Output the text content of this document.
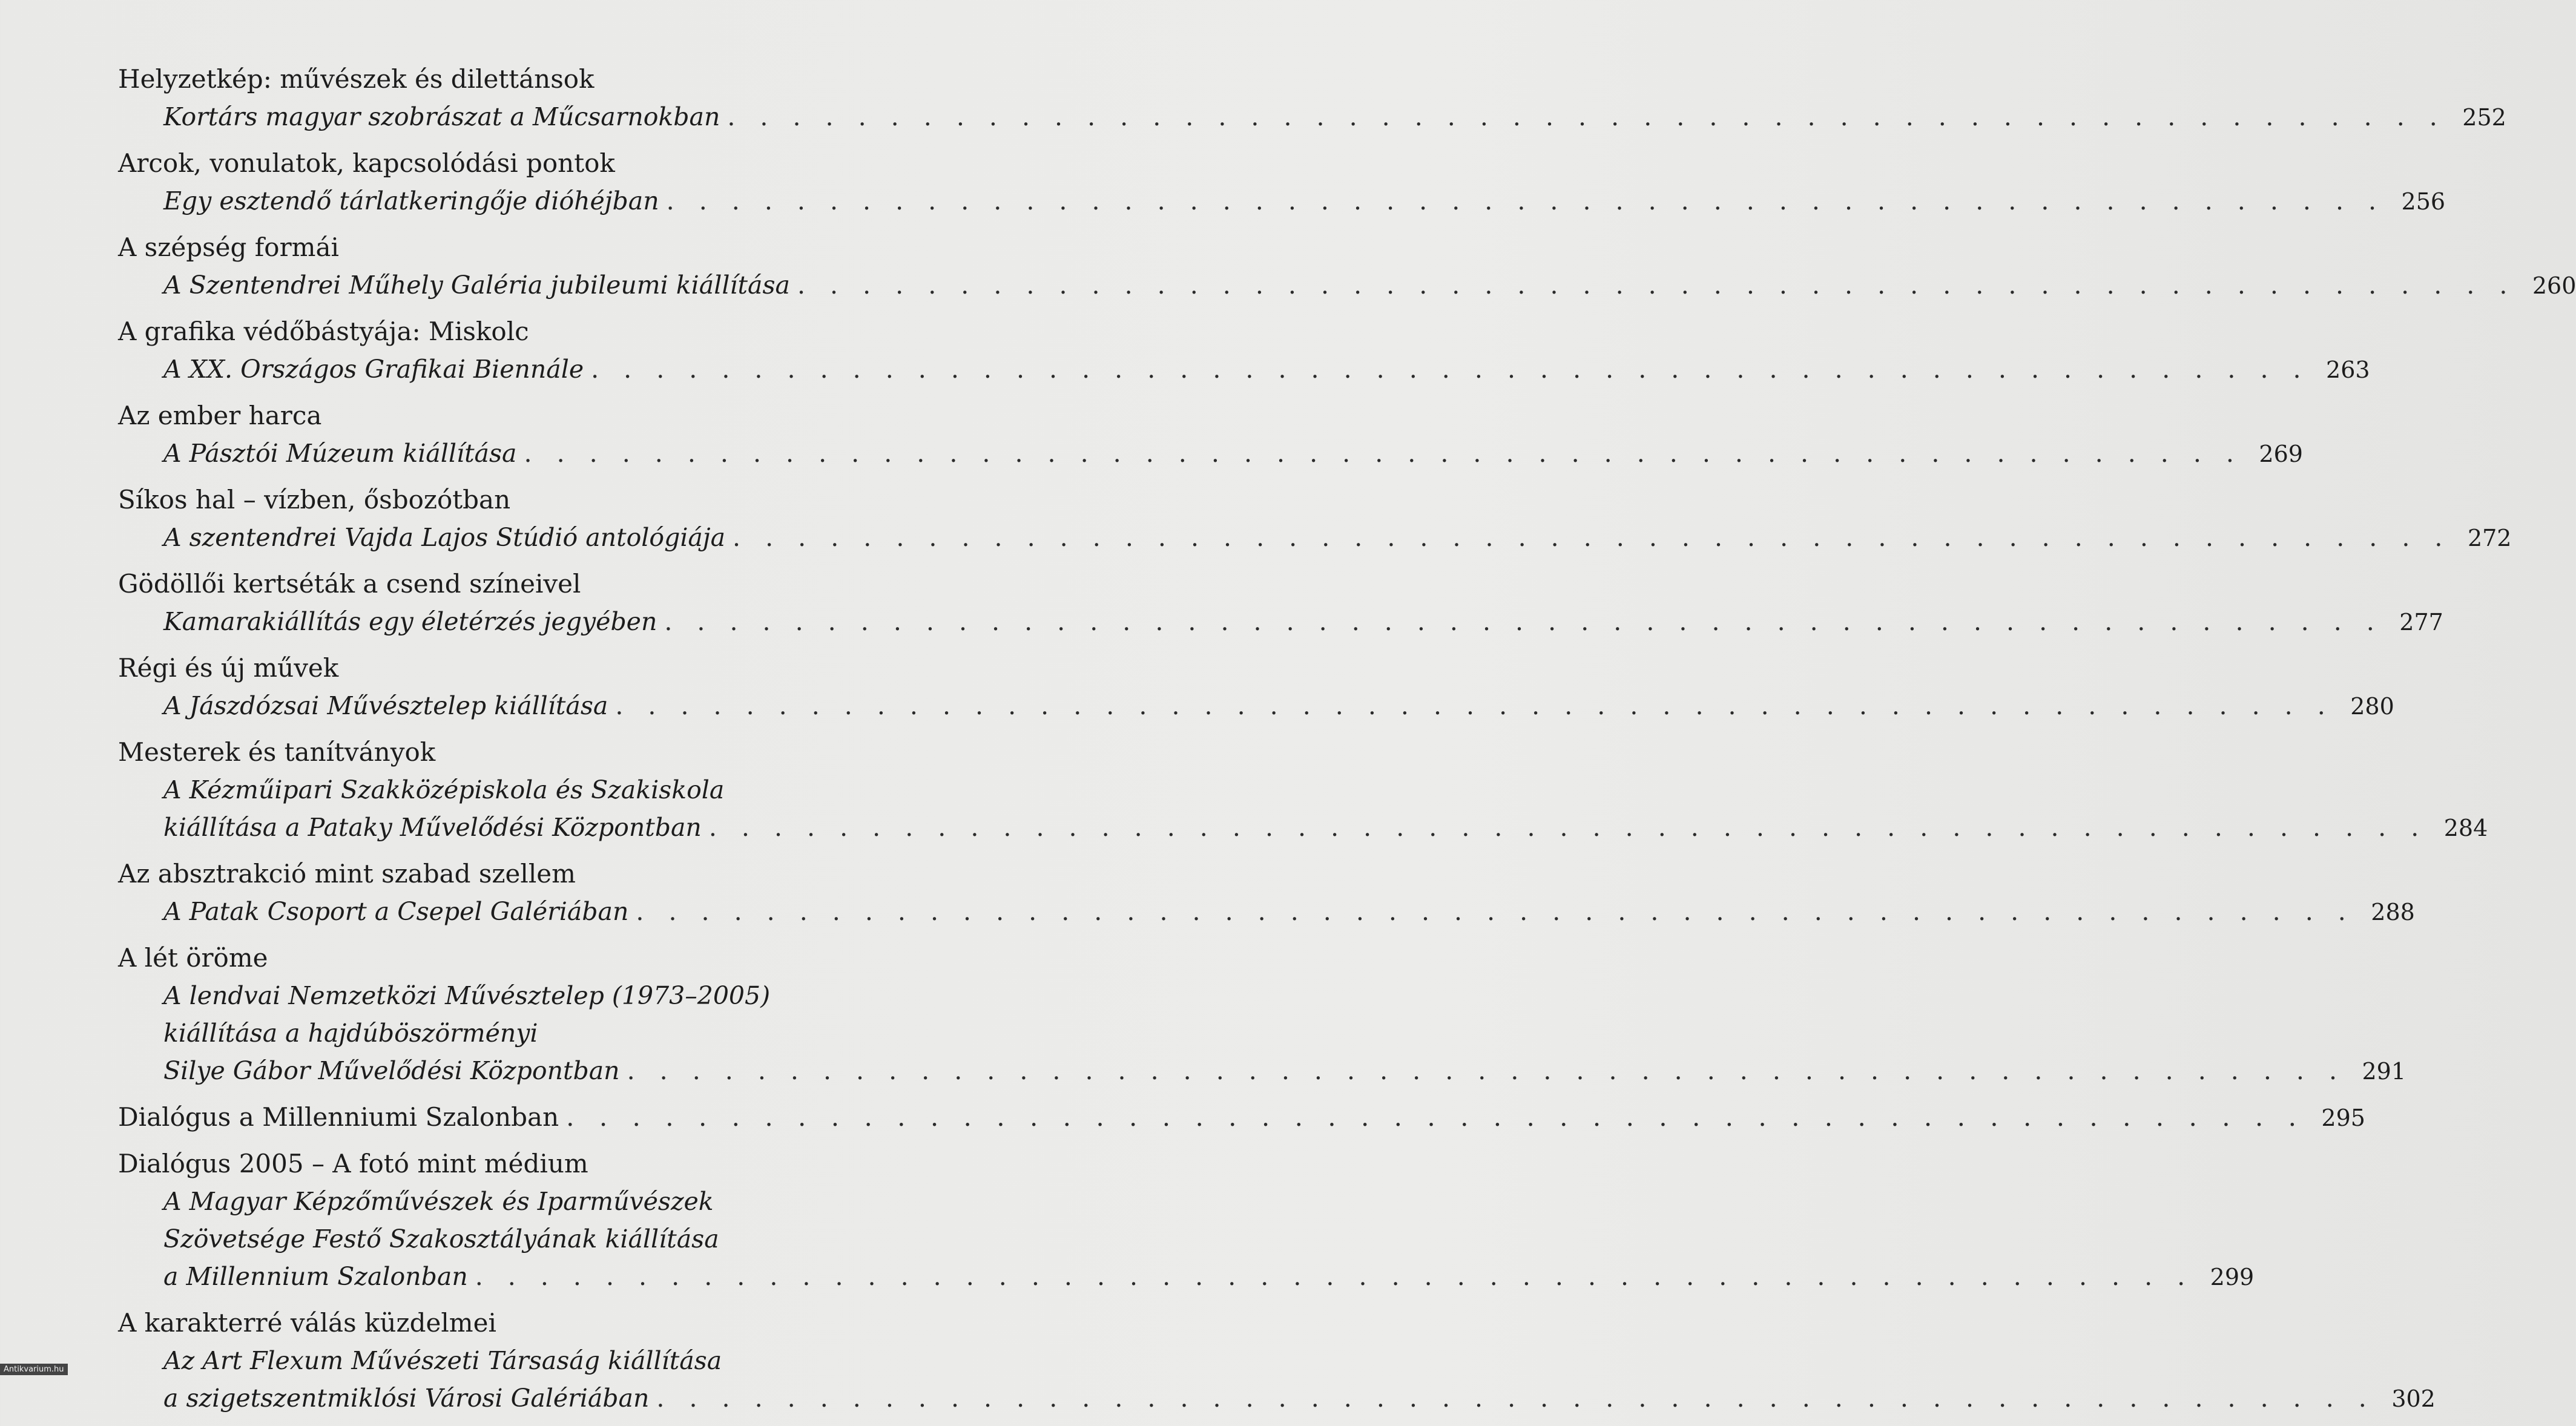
Helyzetkép: művészek és dilettánsok
Kortárs magyar szobrászat a Műcsarnokban . . . . . . . . . . . . . . . . . . . . . . . . . . . . . . . . . . . . . . . . . . . . . . . . . . . . . 252
Arcok, vonulatok, kapcsolódási pontok
Egy esztendő tárlatkeringője dióhéjban . . . . . . . . . . . . . . . . . . . . . . . . . . . . . . . . . . . . . . . . . . . . . . . . . . . . . 256
A szépség formái
A Szentendrei Műhely Galéria jubileumi kiállítása . . . . . . . . . . . . . . . . . . . . . . . . . . . . . . . . . . . . . . . . . . . . . . . . . . . . . 260
A grafika védőbástyája: Miskolc
A XX. Országos Grafikai Biennále . . . . . . . . . . . . . . . . . . . . . . . . . . . . . . . . . . . . . . . . . . . . . . . . . . . . . 263
Az ember harca
A Pásztói Múzeum kiállítása . . . . . . . . . . . . . . . . . . . . . . . . . . . . . . . . . . . . . . . . . . . . . . . . . . . . . 269
Síkos hal – vízben, ősbozótban
A szentendrei Vajda Lajos Stúdió antológiája . . . . . . . . . . . . . . . . . . . . . . . . . . . . . . . . . . . . . . . . . . . . . . . . . . . . . 272
Gödöllői kertséták a csend színeivel
Kamarakiállítás egy életérzés jegyében . . . . . . . . . . . . . . . . . . . . . . . . . . . . . . . . . . . . . . . . . . . . . . . . . . . . . 277
Régi és új művek
A Jászdózsai Művésztelep kiállítása . . . . . . . . . . . . . . . . . . . . . . . . . . . . . . . . . . . . . . . . . . . . . . . . . . . . . 280
Mesterek és tanítványok
A Kézműipari Szakközépiskola és Szakiskola
kiállítása a Pataky Művelődési Központban . . . . . . . . . . . . . . . . . . . . . . . . . . . . . . . . . . . . . . . . . . . . . . . . . . . . . 284
Az absztrakció mint szabad szellem
A Patak Csoport a Csepel Galériában . . . . . . . . . . . . . . . . . . . . . . . . . . . . . . . . . . . . . . . . . . . . . . . . . . . . . 288
A lét öröme
A lendvai Nemzetközi Művésztelep (1973–2005)
kiállítása a hajdúböszörményi
Silye Gábor Művelődési Központban . . . . . . . . . . . . . . . . . . . . . . . . . . . . . . . . . . . . . . . . . . . . . . . . . . . . . 291
Dialógus a Millenniumi Szalonban . . . . . . . . . . . . . . . . . . . . . . . . . . . . . . . . . . . . . . . . . . . . . . . . . . . . . 295
Dialógus 2005 – A fotó mint médium
A Magyar Képzőművészek és Iparművészek
Szövetsége Festő Szakosztályának kiállítása
a Millennium Szalonban . . . . . . . . . . . . . . . . . . . . . . . . . . . . . . . . . . . . . . . . . . . . . . . . . . . . . 299
A karakterré válás küzdelmei
Az Art Flexum Művészeti Társaság kiállítása
a szigetszentmiklósi Városi Galériában . . . . . . . . . . . . . . . . . . . . . . . . . . . . . . . . . . . . . . . . . . . . . . . . . . . . . 302
Antikvarium.hu
